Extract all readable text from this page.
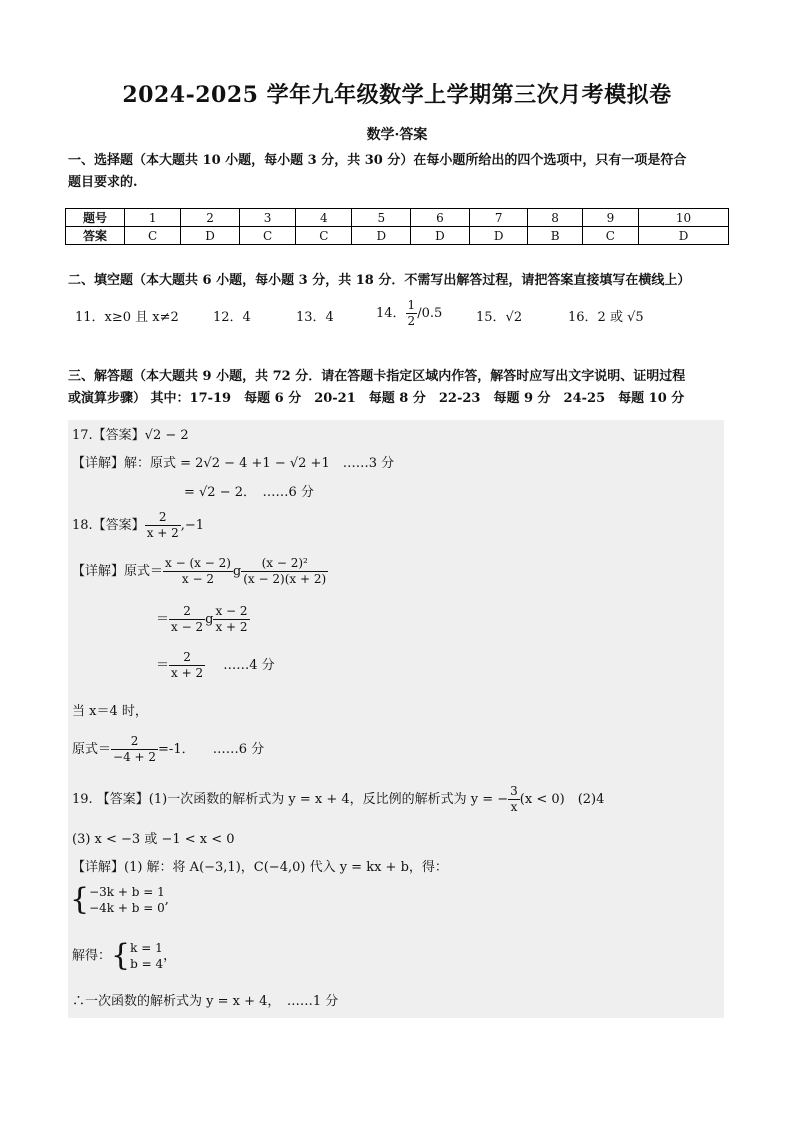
2024-2025 学年九年级数学上学期第三次月考模拟卷
数学·答案
一、选择题（本大题共 10 小题，每小题 3 分，共 30 分）在每小题所给出的四个选项中，只有一项是符合
题目要求的.
题号	1	2	3	4	5	6	7	8	9	10
答案	C	D	C	C	D	D	D	B	C	D
二、填空题（本大题共 6 小题，每小题 3 分，共 18 分．不需写出解答过程，请把答案直接填写在横线上）
11．x≥0 且 x≠2	12．4	13．4	14． $\frac{1}{2} /0.5$	15．√2	16．2 或 √5
三、解答题（本大题共 9 小题，共 72 分．请在答题卡指定区域内作答，解答时应写出文字说明、证明过程
或演算步骤） 其中：17-19　每题 6 分　20-21　每题 8 分　22-23　每题 9 分　24-25　每题 10 分
17.【答案】√2 − 2
【详解】解：原式 = 2√2 − 4 +1 − √2 +1　……3 分
= √2 − 2．　……6 分
18.【答案】 $\frac{2}{x + 2} ,-1$
【详解】原式＝ $\frac{x - (x - 2)}{x - 2}$ g $\frac{\text{(x − 2)²}}{(x - 2)(x + 2)}$
＝ $\frac{2}{x - 2}$ g $\frac{x - 2}{x + 2}$
＝ $\frac{2}{x + 2}$ ……4 分
当 x＝4 时，
原式＝ $\frac{2}{-4 + 2} =-1$． ……6 分
19. 【答案】(1)一次函数的解析式为 y = x + 4，反比例的解析式为 y = − $\frac{3}{x} (x < 0)$　(2)4
(3) x < −3 或 −1 < x < 0
【详解】(1) 解：将 A(−3,1)，C(−4,0) 代入 y = kx + b，得：
{ −3k + b = 1
−4k + b = 0
,
解得：{ k = 1
b = 4
，
∴一次函数的解析式为 y = x + 4，　……1 分
